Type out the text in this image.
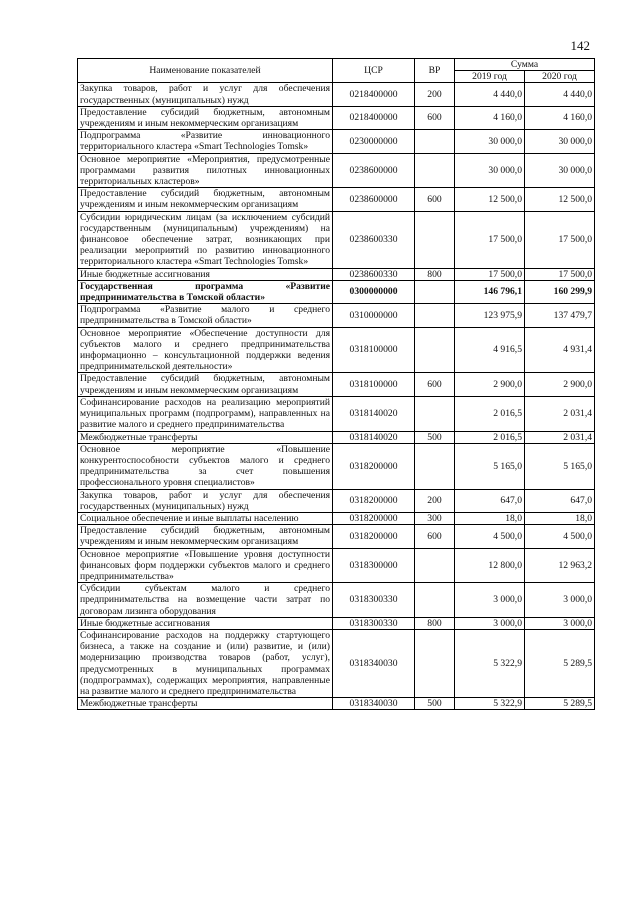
142
Наименование показателей	ЦСР	ВР	Сумма	
			2019 год	2020 год
Закупка товаров, работ и услуг для обеспечения государственных (муниципальных) нужд	0218400000	200	4 440,0	4 440,0
Предоставление субсидий бюджетным, автономным учреждениям и иным некоммерческим организациям	0218400000	600	4 160,0	4 160,0
Подпрограмма «Развитие инновационного территориального кластера «Smart Technologies Tomsk»	0230000000		30 000,0	30 000,0
Основное мероприятие «Мероприятия, предусмотренные программами развития пилотных инновационных территориальных кластеров»	0238600000		30 000,0	30 000,0
Предоставление субсидий бюджетным, автономным учреждениям и иным некоммерческим организациям	0238600000	600	12 500,0	12 500,0
Субсидии юридическим лицам (за исключением субсидий государственным (муниципальным) учреждениям) на финансовое обеспечение затрат, возникающих при реализации мероприятий по развитию инновационного территориального кластера «Smart Technologies Tomsk»	0238600330		17 500,0	17 500,0
Иные бюджетные ассигнования	0238600330	800	17 500,0	17 500,0
Государственная программа «Развитие предпринимательства в Томской области»	0300000000		146 796,1	160 299,9
Подпрограмма «Развитие малого и среднего предпринимательства в Томской области»	0310000000		123 975,9	137 479,7
Основное мероприятие «Обеспечение доступности для субъектов малого и среднего предпринимательства информационно – консультационной поддержки ведения предпринимательской деятельности»	0318100000		4 916,5	4 931,4
Предоставление субсидий бюджетным, автономным учреждениям и иным некоммерческим организациям	0318100000	600	2 900,0	2 900,0
Софинансирование расходов на реализацию мероприятий муниципальных программ (подпрограмм), направленных на развитие малого и среднего предпринимательства	0318140020		2 016,5	2 031,4
Межбюджетные трансферты	0318140020	500	2 016,5	2 031,4
Основное мероприятие «Повышение конкурентоспособности субъектов малого и среднего предпринимательства за счет повышения профессионального уровня специалистов»	0318200000		5 165,0	5 165,0
Закупка товаров, работ и услуг для обеспечения государственных (муниципальных) нужд	0318200000	200	647,0	647,0
Социальное обеспечение и иные выплаты населению	0318200000	300	18,0	18,0
Предоставление субсидий бюджетным, автономным учреждениям и иным некоммерческим организациям	0318200000	600	4 500,0	4 500,0
Основное мероприятие «Повышение уровня доступности финансовых форм поддержки субъектов малого и среднего предпринимательства»	0318300000		12 800,0	12 963,2
Субсидии субъектам малого и среднего предпринимательства на возмещение части затрат по договорам лизинга оборудования	0318300330		3 000,0	3 000,0
Иные бюджетные ассигнования	0318300330	800	3 000,0	3 000,0
Софинансирование расходов на поддержку стартующего бизнеса, а также на создание и (или) развитие, и (или) модернизацию производства товаров (работ, услуг), предусмотренных в муниципальных программах (подпрограммах), содержащих мероприятия, направленные на развитие малого и среднего предпринимательства	0318340030		5 322,9	5 289,5
Межбюджетные трансферты	0318340030	500	5 322,9	5 289,5
